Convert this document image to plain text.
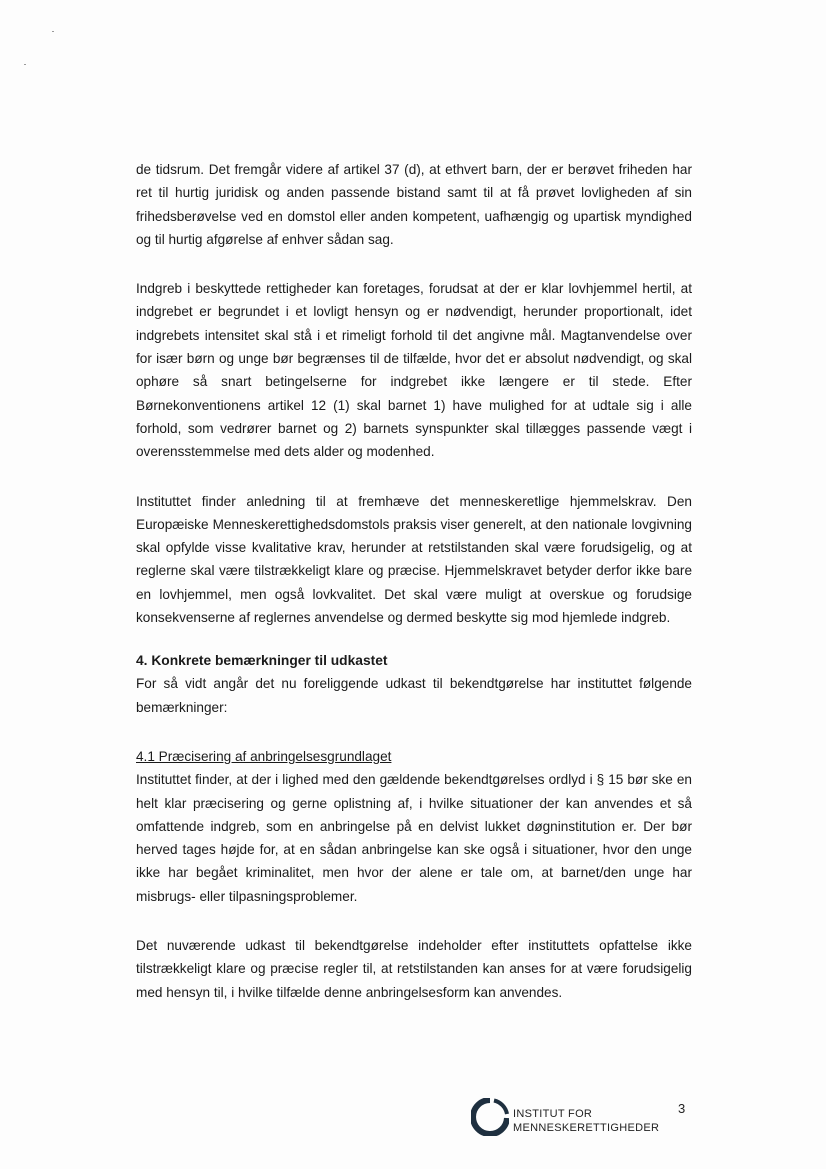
de tidsrum. Det fremgår videre af artikel 37 (d), at ethvert barn, der er berøvet friheden har ret til hurtig juridisk og anden passende bistand samt til at få prøvet lovligheden af sin frihedsberøvelse ved en domstol eller anden kompetent, uafhængig og upartisk myndighed og til hurtig afgørelse af enhver sådan sag.

Indgreb i beskyttede rettigheder kan foretages, forudsat at der er klar lovhjemmel hertil, at indgrebet er begrundet i et lovligt hensyn og er nødvendigt, herunder proportionalt, idet indgrebets intensitet skal stå i et rimeligt forhold til det angivne mål. Magtanvendelse over for især børn og unge bør begrænses til de tilfælde, hvor det er absolut nødvendigt, og skal ophøre så snart betingelserne for indgrebet ikke længere er til stede. Efter Børnekonventionens artikel 12 (1) skal barnet 1) have mulighed for at udtale sig i alle forhold, som vedrører barnet og 2) barnets synspunkter skal tillægges passende vægt i overensstemmelse med dets alder og modenhed.

Instituttet finder anledning til at fremhæve det menneskeretlige hjemmelskrav. Den Europæiske Menneskerettighedsdomstols praksis viser generelt, at den nationale lovgivning skal opfylde visse kvalitative krav, herunder at retstilstanden skal være forudsigelig, og at reglerne skal være tilstrækkeligt klare og præcise. Hjemmelskravet betyder derfor ikke bare en lovhjemmel, men også lovkvalitet. Det skal være muligt at overskue og forudsige konsekvenserne af reglernes anvendelse og dermed beskytte sig mod hjemlede indgreb.

4. Konkrete bemærkninger til udkastet

For så vidt angår det nu foreliggende udkast til bekendtgørelse har instituttet følgende bemærkninger:

4.1 Præcisering af anbringelsesgrundlaget

Instituttet finder, at der i lighed med den gældende bekendtgørelses ordlyd i § 15 bør ske en helt klar præcisering og gerne oplistning af, i hvilke situationer der kan anvendes et så omfattende indgreb, som en anbringelse på en delvist lukket døgninstitution er. Der bør herved tages højde for, at en sådan anbringelse kan ske også i situationer, hvor den unge ikke har begået kriminalitet, men hvor der alene er tale om, at barnet/den unge har misbrugs- eller tilpasningsproblemer.

Det nuværende udkast til bekendtgørelse indeholder efter instituttets opfattelse ikke tilstrækkeligt klare og præcise regler til, at retstilstanden kan anses for at være forudsigelig med hensyn til, i hvilke tilfælde denne anbringelsesform kan anvendes.

INSTITUT FOR
MENNESKERETTIGHEDER
3
